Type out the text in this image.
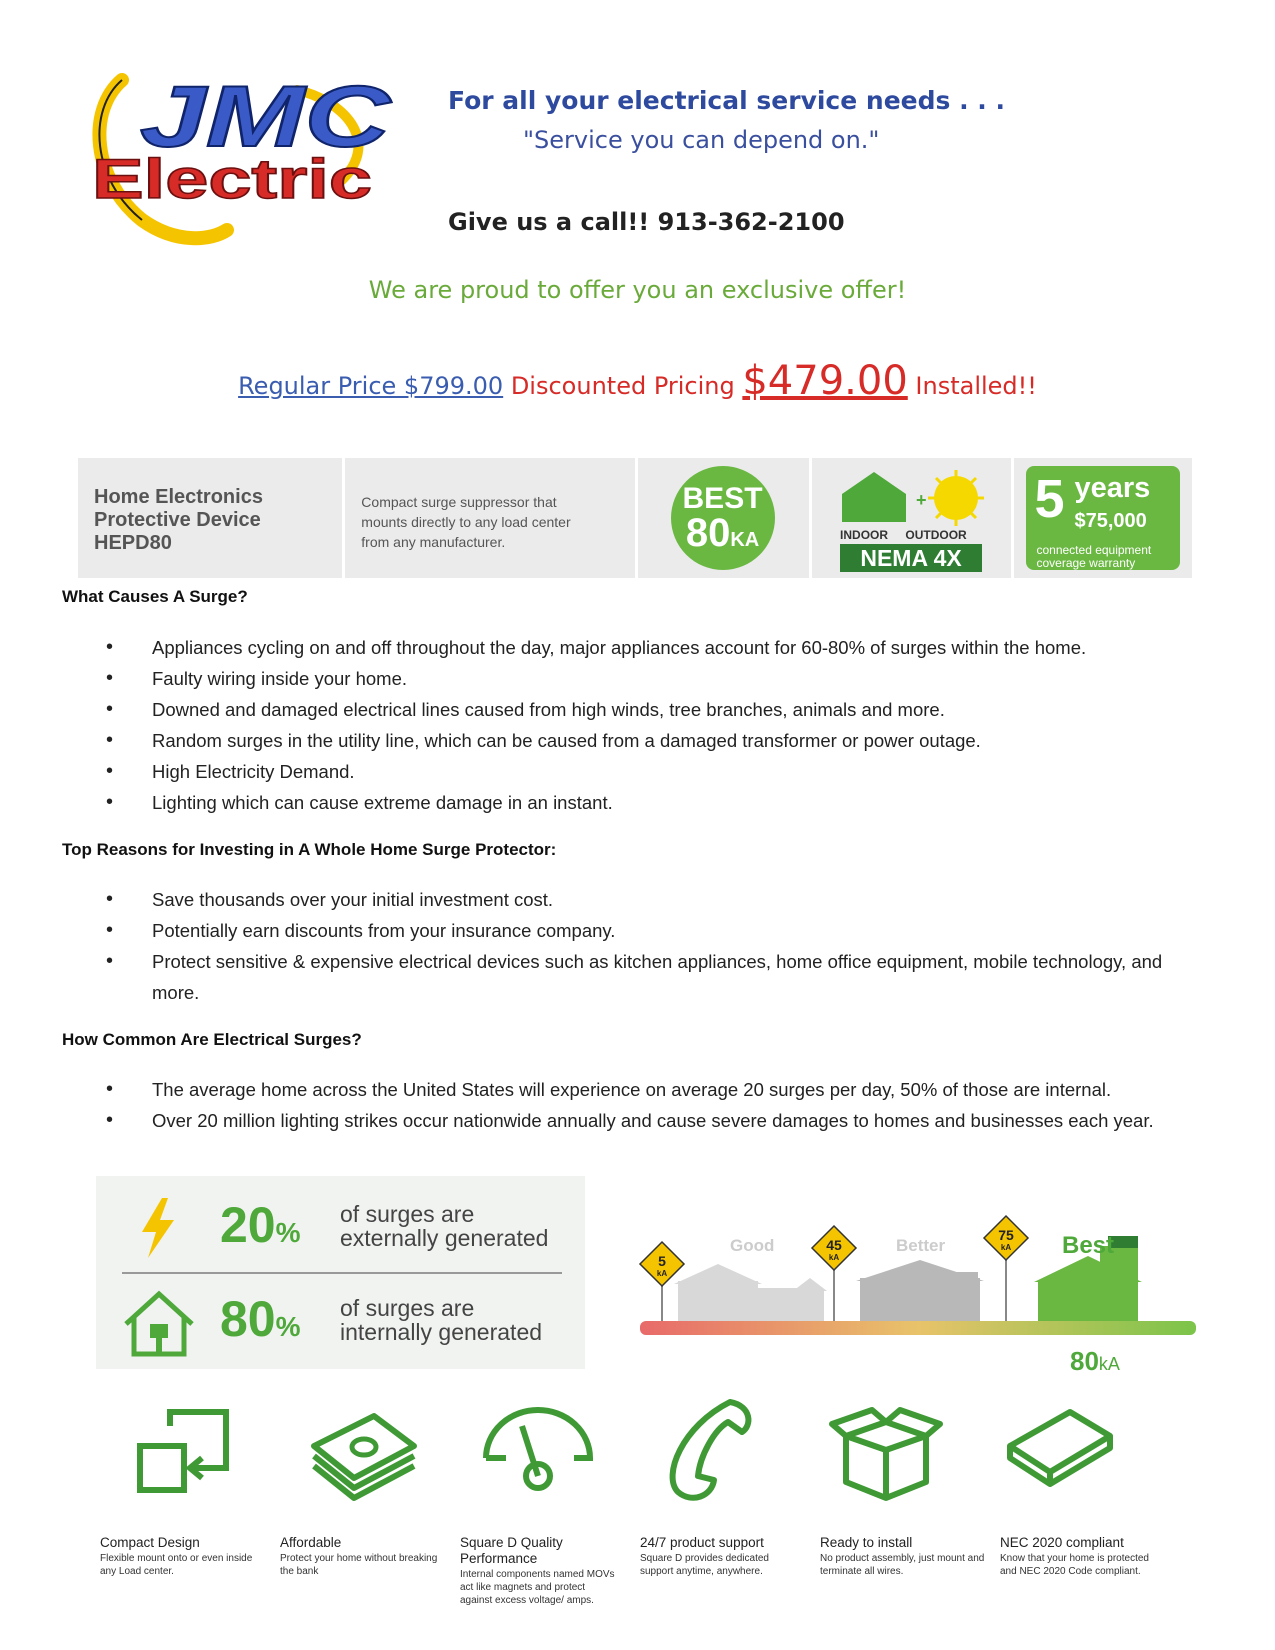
JMC
Electric
For all your electrical service needs . . .
"Service you can depend on."
Give us a call!! 913-362-2100
We are proud to offer you an exclusive offer!
Regular Price $799.00 Discounted Pricing $479.00 Installed!!
Home Electronics
Protective Device
HEPD80
Compact surge suppressor that
mounts directly to any load center
from any manufacturer.
BEST
80KA
+
INDOOR OUTDOOR
NEMA 4X
5 years
$75,000
connected equipment
coverage warranty
What Causes A Surge?
• Appliances cycling on and off throughout the day, major appliances account for 60-80% of surges within the home.
• Faulty wiring inside your home.
• Downed and damaged electrical lines caused from high winds, tree branches, animals and more.
• Random surges in the utility line, which can be caused from a damaged transformer or power outage.
• High Electricity Demand.
• Lighting which can cause extreme damage in an instant.
Top Reasons for Investing in A Whole Home Surge Protector:
• Save thousands over your initial investment cost.
• Potentially earn discounts from your insurance company.
• Protect sensitive & expensive electrical devices such as kitchen appliances, home office equipment, mobile technology, and more.
How Common Are Electrical Surges?
• The average home across the United States will experience on average 20 surges per day, 50% of those are internal.
• Over 20 million lighting strikes occur nationwide annually and cause severe damages to homes and businesses each year.
20%
of surges are
externally generated
80%
of surges are
internally generated
5
kA
45
kA
75
kA
Good	Better	Best
80kA
Compact Design
Flexible mount onto or even inside any Load center.
Affordable
Protect your home without breaking the bank
Square D Quality Performance
Internal components named MOVs act like magnets and protect against excess voltage/ amps.
24/7 product support
Square D provides dedicated support anytime, anywhere.
Ready to install
No product assembly, just mount and terminate all wires.
NEC 2020 compliant
Know that your home is protected and NEC 2020 Code compliant.
